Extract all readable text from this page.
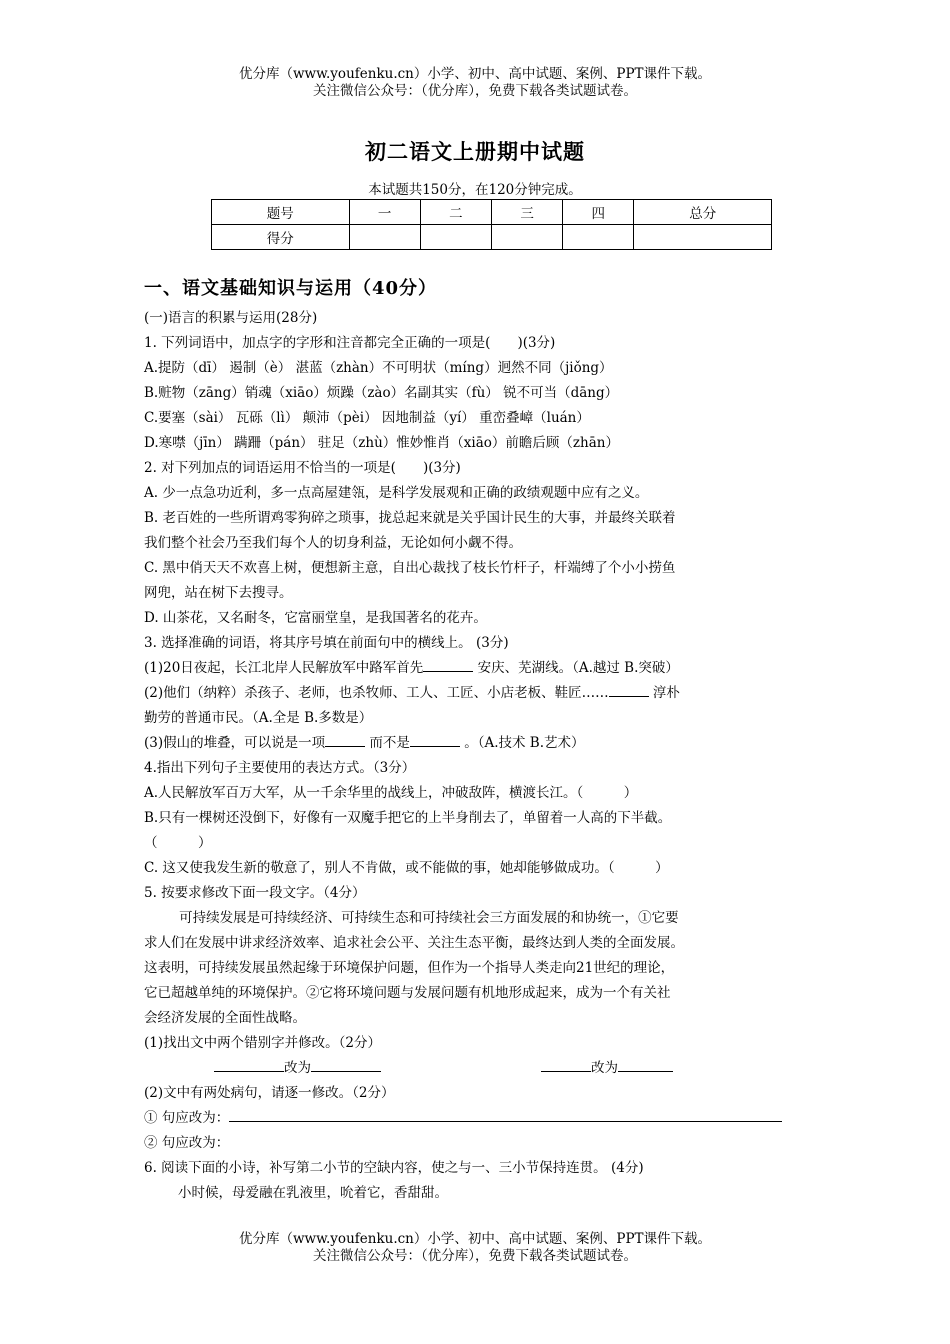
优分库（www.youfenku.cn）小学、初中、高中试题、案例、PPT课件下载。
关注微信公众号：（优分库），免费下载各类试题试卷。
初二语文上册期中试题
本试题共150分，在120分钟完成。
题号	一	二	三	四	总分
得分					
一、语文基础知识与运用（40分）
(一)语言的积累与运用(28分)
1. 下列词语中，加点字的字形和注音都完全正确的一项是(　　)(3分)
A.提防（dī） 遏制（è） 湛蓝（zhàn）不可明状（míng）迥然不同（jiǒng）
B.赃物（zāng）销魂（xiāo）烦躁（zào）名副其实（fù） 锐不可当（dāng）
C.要塞（sài） 瓦砾（lì） 颠沛（pèi） 因地制益（yí） 重峦叠嶂（luán）
D.寒噤（jīn） 蹒跚（pán） 驻足（zhù）惟妙惟肖（xiāo）前瞻后顾（zhān）
2. 对下列加点的词语运用不恰当的一项是(　　)(3分)
A. 少一点急功近利，多一点高屋建瓴，是科学发展观和正确的政绩观题中应有之义。
B. 老百姓的一些所谓鸡零狗碎之琐事，拢总起来就是关乎国计民生的大事，并最终关联着
我们整个社会乃至我们每个人的切身利益，无论如何小觑不得。
C. 黑中俏天天不欢喜上树，便想新主意，自出心裁找了枝长竹杆子，杆端缚了个小小捞鱼
网兜，站在树下去搜寻。
D. 山茶花，又名耐冬，它富丽堂皇，是我国著名的花卉。
3. 选择准确的词语，将其序号填在前面句中的横线上。 (3分)
(1)20日夜起，长江北岸人民解放军中路军首先	安庆、芜湖线。（A.越过 B.突破）
(2)他们（纳粹）杀孩子、老师，也杀牧师、工人、工匠、小店老板、鞋匠……	淳朴
勤劳的普通市民。（A.全是 B.多数是）
(3)假山的堆叠，可以说是一项	而不是	。（A.技术 B.艺术）
4.指出下列句子主要使用的表达方式。（3分）
A.人民解放军百万大军，从一千余华里的战线上，冲破敌阵，横渡长江。（　　　）
B.只有一棵树还没倒下，好像有一双魔手把它的上半身削去了，单留着一人高的下半截。
（　　　）
C. 这又使我发生新的敬意了，别人不肯做，或不能做的事，她却能够做成功。（　　　）
5. 按要求修改下面一段文字。（4分）
可持续发展是可持续经济、可持续生态和可持续社会三方面发展的和协统一，①它要
求人们在发展中讲求经济效率、追求社会公平、关注生态平衡，最终达到人类的全面发展。
这表明，可持续发展虽然起缘于环境保护问题，但作为一个指导人类走向21世纪的理论，
它已超越单纯的环境保护。②它将环境问题与发展问题有机地形成起来，成为一个有关社
会经济发展的全面性战略。
(1)找出文中两个错别字并修改。（2分）
改为	改为
(2)文中有两处病句，请逐一修改。（2分）
① 句应改为：
② 句应改为：
6. 阅读下面的小诗，补写第二小节的空缺内容，使之与一、三小节保持连贯。 (4分)
小时候，母爱融在乳液里，吮着它，香甜甜。
优分库（www.youfenku.cn）小学、初中、高中试题、案例、PPT课件下载。
关注微信公众号：（优分库），免费下载各类试题试卷。
